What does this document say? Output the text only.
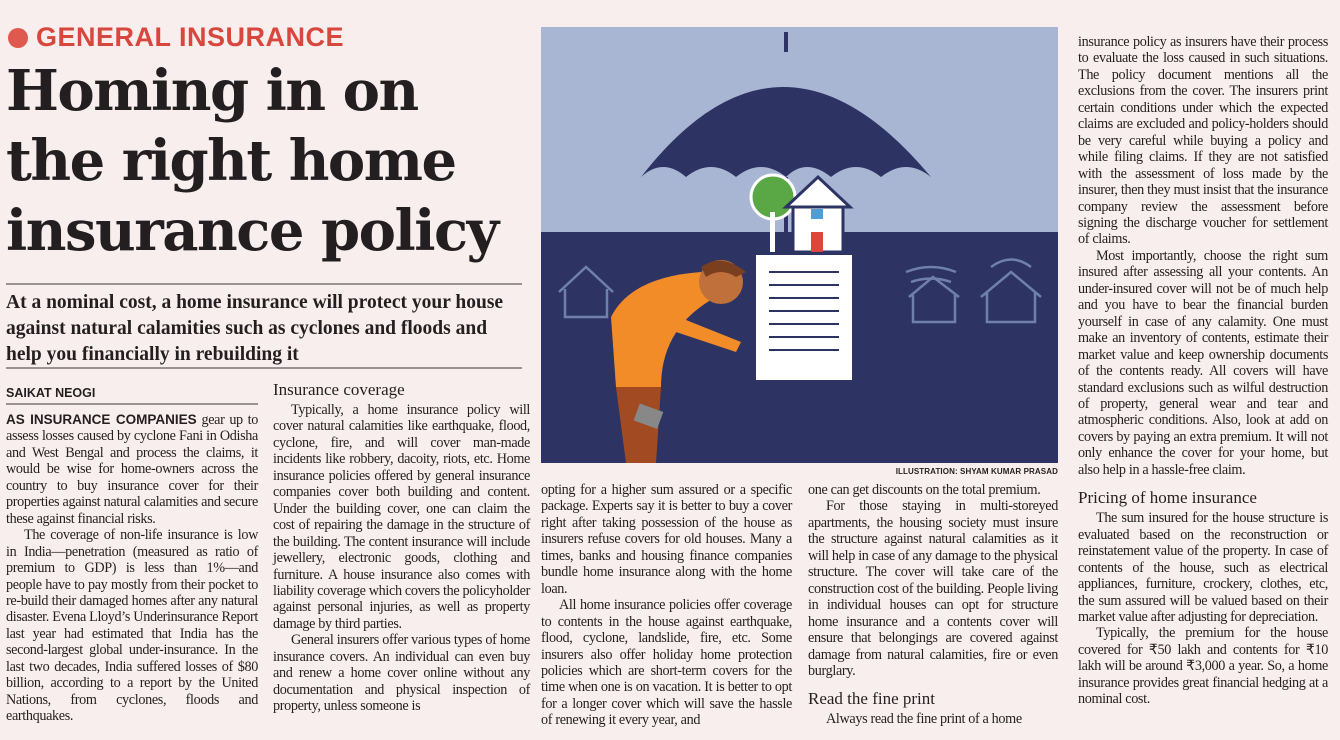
GENERAL INSURANCE
Homing in on
the right home
insurance policy

At a nominal cost, a home insurance will protect your house against natural calamities such as cyclones and floods and help you financially in rebuilding it

SAIKAT NEOGI

AS INSURANCE COMPANIES gear up to assess losses caused by cyclone Fani in Odisha and West Bengal and process the claims, it would be wise for home-owners across the country to buy insurance cover for their properties against natural calamities and secure these against financial risks.

The coverage of non-life insurance is low in India—penetration (measured as ratio of premium to GDP) is less than 1%—and people have to pay mostly from their pocket to re-build their damaged homes after any natural disaster. Evena Lloyd’s Underinsurance Report last year had estimated that India has the second-largest global under-insurance. In the last two decades, India suffered losses of $80 billion, according to a report by the United Nations, from cyclones, floods and earthquakes.

Insurance coverage

Typically, a home insurance policy will cover natural calamities like earthquake, flood, cyclone, fire, and will cover man-made incidents like robbery, dacoity, riots, etc. Home insurance policies offered by general insurance companies cover both building and content. Under the building cover, one can claim the cost of repairing the damage in the structure of the building. The content insurance will include jewellery, electronic goods, clothing and furniture. A house insurance also comes with liability coverage which covers the policyholder against personal injuries, as well as property damage by third parties.

General insurers offer various types of home insurance covers. An individual can even buy and renew a home cover online without any documentation and physical inspection of property, unless someone is

ILLUSTRATION: SHYAM KUMAR PRASAD

opting for a higher sum assured or a specific package. Experts say it is better to buy a cover right after taking possession of the house as insurers refuse covers for old houses. Many a times, banks and housing finance companies bundle home insurance along with the home loan.

All home insurance policies offer coverage to contents in the house against earthquake, flood, cyclone, landslide, fire, etc. Some insurers also offer holiday home protection policies which are short-term covers for the time when one is on vacation. It is better to opt for a longer cover which will save the hassle of renewing it every year, and

one can get discounts on the total premium.

For those staying in multi-storeyed apartments, the housing society must insure the structure against natural calamities as it will help in case of any damage to the physical structure. The cover will take care of the construction cost of the building. People living in individual houses can opt for structure home insurance and a contents cover will ensure that belongings are covered against damage from natural calamities, fire or even burglary.

Read the fine print

Always read the fine print of a home

insurance policy as insurers have their process to evaluate the loss caused in such situations. The policy document mentions all the exclusions from the cover. The insurers print certain conditions under which the expected claims are excluded and policy-holders should be very careful while buying a policy and while filing claims. If they are not satisfied with the assessment of loss made by the insurer, then they must insist that the insurance company review the assessment before signing the discharge voucher for settlement of claims.

Most importantly, choose the right sum insured after assessing all your contents. An under-insured cover will not be of much help and you have to bear the financial burden yourself in case of any calamity. One must make an inventory of contents, estimate their market value and keep ownership documents of the contents ready. All covers will have standard exclusions such as wilful destruction of property, general wear and tear and atmospheric conditions. Also, look at add on covers by paying an extra premium. It will not only enhance the cover for your home, but also help in a hassle-free claim.

Pricing of home insurance

The sum insured for the house structure is evaluated based on the reconstruction or reinstatement value of the property. In case of contents of the house, such as electrical appliances, furniture, crockery, clothes, etc, the sum assured will be valued based on their market value after adjusting for depreciation.

Typically, the premium for the house covered for ₹50 lakh and contents for ₹10 lakh will be around ₹3,000 a year. So, a home insurance provides great financial hedging at a nominal cost.
